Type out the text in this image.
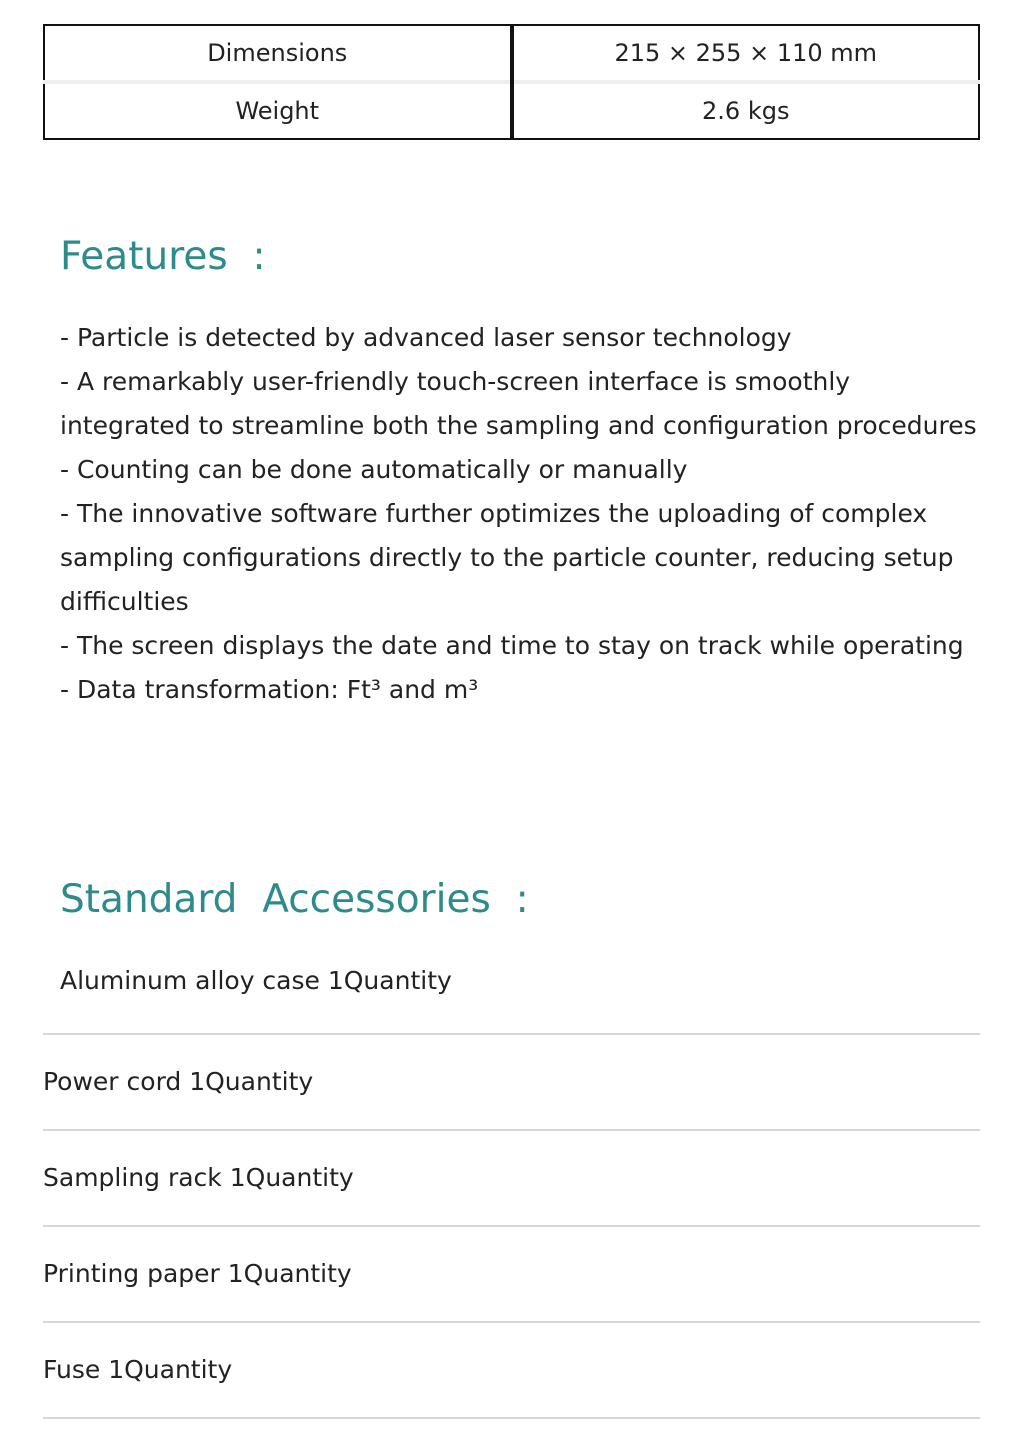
Dimensions	215 × 255 × 110 mm
Weight	2.6 kgs
Features  :

- Particle is detected by advanced laser sensor technology

- A remarkably user-friendly touch-screen interface is smoothly integrated to streamline both the sampling and configuration procedures

- Counting can be done automatically or manually

- The innovative software further optimizes the uploading of complex sampling configurations directly to the particle counter, reducing setup difficulties

- The screen displays the date and time to stay on track while operating

- Data transformation: Ft³ and m³

Standard  Accessories  :
Aluminum alloy case 1Quantity
Power cord 1Quantity
Sampling rack 1Quantity
Printing paper 1Quantity
Fuse 1Quantity
